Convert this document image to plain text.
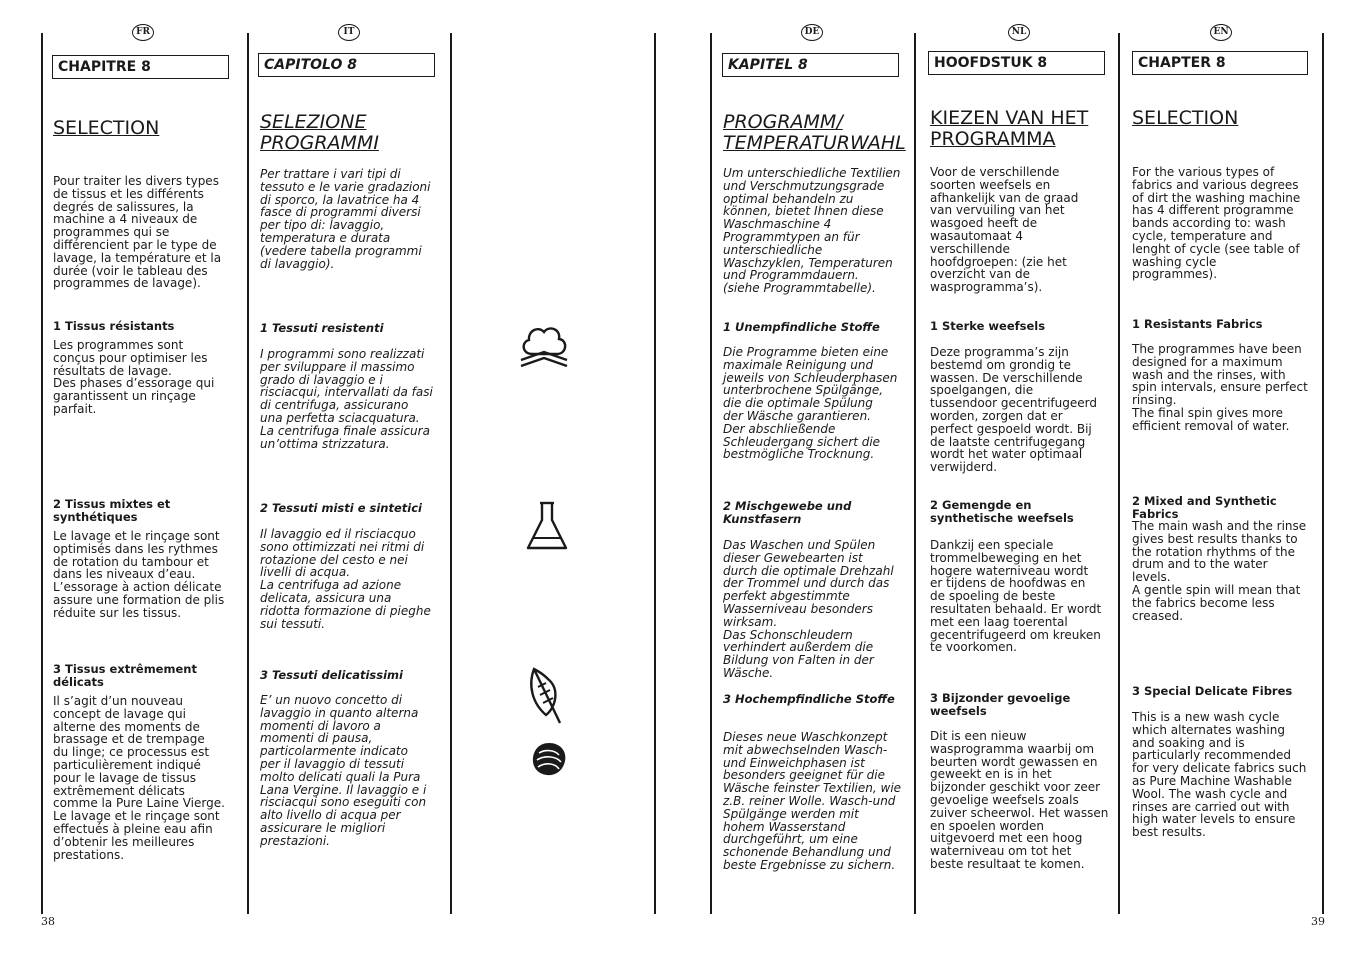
FR	IT	DE	NL	EN
CHAPITRE 8
SELECTION
Pour traiter les divers types
de tissus et les différents
degrés de salissures, la
machine a 4 niveaux de
programmes qui se
différencient par le type de
lavage, la température et la
durée (voir le tableau des
programmes de lavage).
1 Tissus résistants
Les programmes sont
conçus pour optimiser les
résultats de lavage.
Des phases d’essorage qui
garantissent un rinçage
parfait.
2 Tissus mixtes et
synthétiques
Le lavage et le rinçage sont
optimisés dans les rythmes
de rotation du tambour et
dans les niveaux d’eau.
L’essorage à action délicate
assure une formation de plis
réduite sur les tissus.
3 Tissus extrêmement
délicats
Il s’agit d’un nouveau
concept de lavage qui
alterne des moments de
brassage et de trempage
du linge; ce processus est
particulièrement indiqué
pour le lavage de tissus
extrêmement délicats
comme la Pure Laine Vierge.
Le lavage et le rinçage sont
effectués à pleine eau afin
d’obtenir les meilleures
prestations.
CAPITOLO 8
SELEZIONE
PROGRAMMI
Per trattare i vari tipi di
tessuto e le varie gradazioni
di sporco, la lavatrice ha 4
fasce di programmi diversi
per tipo di: lavaggio,
temperatura e durata
(vedere tabella programmi
di lavaggio).
1 Tessuti resistenti
I programmi sono realizzati
per sviluppare il massimo
grado di lavaggio e i
risciacqui, intervallati da fasi
di centrifuga, assicurano
una perfetta sciacquatura.
La centrifuga finale assicura
un’ottima strizzatura.
2 Tessuti misti e sintetici
Il lavaggio ed il risciacquo
sono ottimizzati nei ritmi di
rotazione del cesto e nei
livelli di acqua.
La centrifuga ad azione
delicata, assicura una
ridotta formazione di pieghe
sui tessuti.
3 Tessuti delicatissimi
E’ un nuovo concetto di
lavaggio in quanto alterna
momenti di lavoro a
momenti di pausa,
particolarmente indicato
per il lavaggio di tessuti
molto delicati quali la Pura
Lana Vergine. Il lavaggio e i
risciacqui sono eseguiti con
alto livello di acqua per
assicurare le migliori
prestazioni.
KAPITEL 8
PROGRAMM/
TEMPERATURWAHL
Um unterschiedliche Textilien
und Verschmutzungsgrade
optimal behandeln zu
können, bietet Ihnen diese
Waschmaschine 4
Programmtypen an für
unterschiedliche
Waschzyklen, Temperaturen
und Programmdauern.
(siehe Programmtabelle).
1 Unempfindliche Stoffe
Die Programme bieten eine
maximale Reinigung und
jeweils von Schleuderphasen
unterbrochene Spülgänge,
die die optimale Spülung
der Wäsche garantieren.
Der abschließende
Schleudergang sichert die
bestmögliche Trocknung.
2 Mischgewebe und
Kunstfasern
Das Waschen und Spülen
dieser Gewebearten ist
durch die optimale Drehzahl
der Trommel und durch das
perfekt abgestimmte
Wasserniveau besonders
wirksam.
Das Schonschleudern
verhindert außerdem die
Bildung von Falten in der
Wäsche.
3 Hochempfindliche Stoffe
Dieses neue Waschkonzept
mit abwechselnden Wasch-
und Einweichphasen ist
besonders geeignet für die
Wäsche feinster Textilien, wie
z.B. reiner Wolle. Wasch-und
Spülgänge werden mit
hohem Wasserstand
durchgeführt, um eine
schonende Behandlung und
beste Ergebnisse zu sichern.
HOOFDSTUK 8
KIEZEN VAN HET
PROGRAMMA
Voor de verschillende
soorten weefsels en
afhankelijk van de graad
van vervuiling van het
wasgoed heeft de
wasautomaat 4
verschillende
hoofdgroepen: (zie het
overzicht van de
wasprogramma’s).
1 Sterke weefsels
Deze programma’s zijn
bestemd om grondig te
wassen. De verschillende
spoelgangen, die
tussendoor gecentrifugeerd
worden, zorgen dat er
perfect gespoeld wordt. Bij
de laatste centrifugegang
wordt het water optimaal
verwijderd.
2 Gemengde en
synthetische weefsels
Dankzij een speciale
trommelbeweging en het
hogere waterniveau wordt
er tijdens de hoofdwas en
de spoeling de beste
resultaten behaald. Er wordt
met een laag toerental
gecentrifugeerd om kreuken
te voorkomen.
3 Bijzonder gevoelige
weefsels
Dit is een nieuw
wasprogramma waarbij om
beurten wordt gewassen en
geweekt en is in het
bijzonder geschikt voor zeer
gevoelige weefsels zoals
zuiver scheerwol. Het wassen
en spoelen worden
uitgevoerd met een hoog
waterniveau om tot het
beste resultaat te komen.
CHAPTER 8
SELECTION
For the various types of
fabrics and various degrees
of dirt the washing machine
has 4 different programme
bands according to: wash
cycle, temperature and
lenght of cycle (see table of
washing cycle
programmes).
1 Resistants Fabrics
The programmes have been
designed for a maximum
wash and the rinses, with
spin intervals, ensure perfect
rinsing.
The final spin gives more
efficient removal of water.
2 Mixed and Synthetic
Fabrics
The main wash and the rinse
gives best results thanks to
the rotation rhythms of the
drum and to the water
levels.
A gentle spin will mean that
the fabrics become less
creased.
3 Special Delicate Fibres
This is a new wash cycle
which alternates washing
and soaking and is
particularly recommended
for very delicate fabrics such
as Pure Machine Washable
Wool. The wash cycle and
rinses are carried out with
high water levels to ensure
best results.
38	39
